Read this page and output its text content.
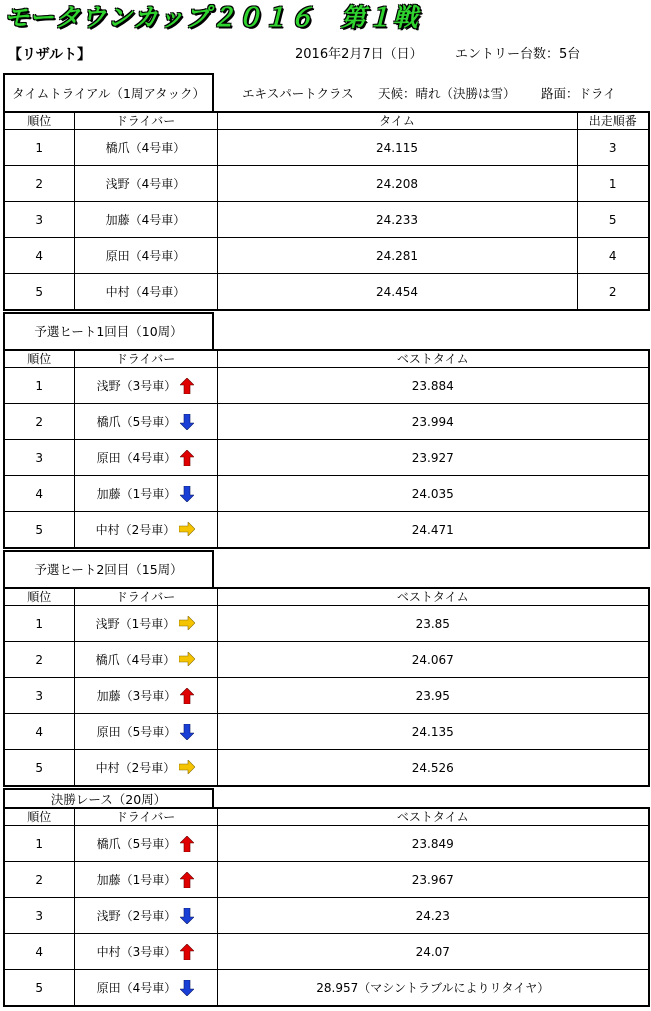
モータウンカップ２０１６　第１戦
【リザルト】	2016年2月7日（日） エントリー台数：5台
タイムトライアル（1周アタック）	エキスパートクラス 天候：晴れ（決勝は雪） 路面：ドライ
順位	ドライバー	タイム	出走順番
1	橋爪（4号車）	24.115	3
2	浅野（4号車）	24.208	1
3	加藤（4号車）	24.233	5
4	原田（4号車）	24.281	4
5	中村（4号車）	24.454	2
予選ヒート1回目（10周）
順位	ドライバー	ベストタイム
1	浅野（3号車）	23.884
2	橋爪（5号車）	23.994
3	原田（4号車）	23.927
4	加藤（1号車）	24.035
5	中村（2号車）	24.471
予選ヒート2回目（15周）
順位	ドライバー	ベストタイム
1	浅野（1号車）	23.85
2	橋爪（4号車）	24.067
3	加藤（3号車）	23.95
4	原田（5号車）	24.135
5	中村（2号車）	24.526
決勝レース（20周）
順位	ドライバー	ベストタイム
1	橋爪（5号車）	23.849
2	加藤（1号車）	23.967
3	浅野（2号車）	24.23
4	中村（3号車）	24.07
5	原田（4号車）	28.957（マシントラブルによりリタイヤ）
